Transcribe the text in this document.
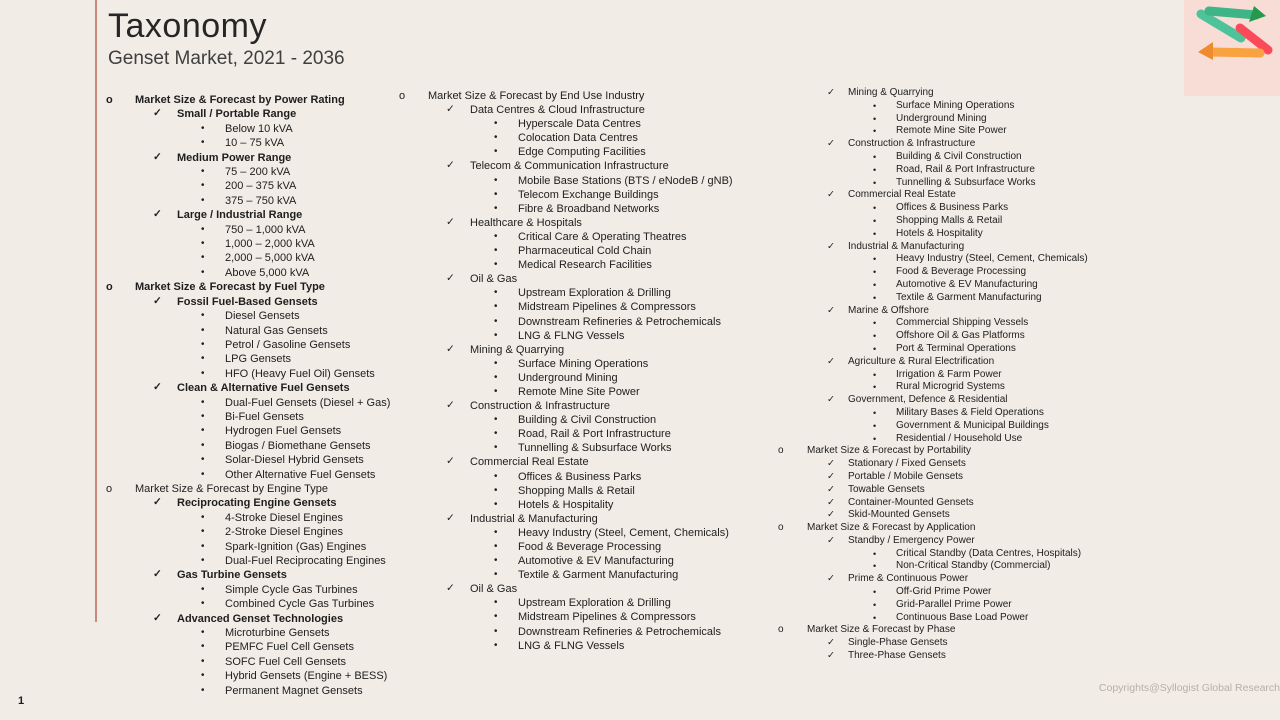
Taxonomy
Genset Market, 2021 - 2036
o Market Size & Forecast by Power Rating
✓ Small / Portable Range
• Below 10 kVA
• 10 – 75 kVA
✓ Medium Power Range
• 75 – 200 kVA
• 200 – 375 kVA
• 375 – 750 kVA
✓ Large / Industrial Range
• 750 – 1,000 kVA
• 1,000 – 2,000 kVA
• 2,000 – 5,000 kVA
• Above 5,000 kVA
o Market Size & Forecast by Fuel Type
✓ Fossil Fuel-Based Gensets
• Diesel Gensets
• Natural Gas Gensets
• Petrol / Gasoline Gensets
• LPG Gensets
• HFO (Heavy Fuel Oil) Gensets
✓ Clean & Alternative Fuel Gensets
• Dual-Fuel Gensets (Diesel + Gas)
• Bi-Fuel Gensets
• Hydrogen Fuel Gensets
• Biogas / Biomethane Gensets
• Solar-Diesel Hybrid Gensets
• Other Alternative Fuel Gensets
o Market Size & Forecast by Engine Type
✓ Reciprocating Engine Gensets
• 4-Stroke Diesel Engines
• 2-Stroke Diesel Engines
• Spark-Ignition (Gas) Engines
• Dual-Fuel Reciprocating Engines
✓ Gas Turbine Gensets
• Simple Cycle Gas Turbines
• Combined Cycle Gas Turbines
✓ Advanced Genset Technologies
• Microturbine Gensets
• PEMFC Fuel Cell Gensets
• SOFC Fuel Cell Gensets
• Hybrid Gensets (Engine + BESS)
• Permanent Magnet Gensets
o Market Size & Forecast by End Use Industry
✓ Data Centres & Cloud Infrastructure
• Hyperscale Data Centres
• Colocation Data Centres
• Edge Computing Facilities
✓ Telecom & Communication Infrastructure
• Mobile Base Stations (BTS / eNodeB / gNB)
• Telecom Exchange Buildings
• Fibre & Broadband Networks
✓ Healthcare & Hospitals
• Critical Care & Operating Theatres
• Pharmaceutical Cold Chain
• Medical Research Facilities
✓ Oil & Gas
• Upstream Exploration & Drilling
• Midstream Pipelines & Compressors
• Downstream Refineries & Petrochemicals
• LNG & FLNG Vessels
✓ Mining & Quarrying
• Surface Mining Operations
• Underground Mining
• Remote Mine Site Power
✓ Construction & Infrastructure
• Building & Civil Construction
• Road, Rail & Port Infrastructure
• Tunnelling & Subsurface Works
✓ Commercial Real Estate
• Offices & Business Parks
• Shopping Malls & Retail
• Hotels & Hospitality
✓ Industrial & Manufacturing
• Heavy Industry (Steel, Cement, Chemicals)
• Food & Beverage Processing
• Automotive & EV Manufacturing
• Textile & Garment Manufacturing
✓ Oil & Gas
• Upstream Exploration & Drilling
• Midstream Pipelines & Compressors
• Downstream Refineries & Petrochemicals
• LNG & FLNG Vessels
✓ Mining & Quarrying
• Surface Mining Operations
• Underground Mining
• Remote Mine Site Power
✓ Construction & Infrastructure
• Building & Civil Construction
• Road, Rail & Port Infrastructure
• Tunnelling & Subsurface Works
✓ Commercial Real Estate
• Offices & Business Parks
• Shopping Malls & Retail
• Hotels & Hospitality
✓ Industrial & Manufacturing
• Heavy Industry (Steel, Cement, Chemicals)
• Food & Beverage Processing
• Automotive & EV Manufacturing
• Textile & Garment Manufacturing
✓ Marine & Offshore
• Commercial Shipping Vessels
• Offshore Oil & Gas Platforms
• Port & Terminal Operations
✓ Agriculture & Rural Electrification
• Irrigation & Farm Power
• Rural Microgrid Systems
✓ Government, Defence & Residential
• Military Bases & Field Operations
• Government & Municipal Buildings
• Residential / Household Use
o Market Size & Forecast by Portability
✓ Stationary / Fixed Gensets
✓ Portable / Mobile Gensets
✓ Towable Gensets
✓ Container-Mounted Gensets
✓ Skid-Mounted Gensets
o Market Size & Forecast by Application
✓ Standby / Emergency Power
• Critical Standby (Data Centres, Hospitals)
• Non-Critical Standby (Commercial)
✓ Prime & Continuous Power
• Off-Grid Prime Power
• Grid-Parallel Prime Power
• Continuous Base Load Power
o Market Size & Forecast by Phase
✓ Single-Phase Gensets
✓ Three-Phase Gensets
1
Copyrights@Syllogist Global Research
